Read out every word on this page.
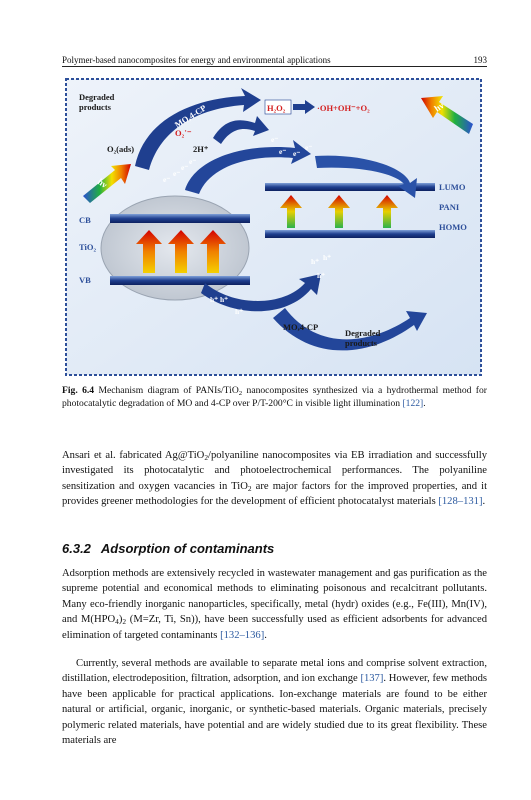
Polymer-based nanocomposites for energy and environmental applications	193
Degraded
products	MO,4-CP	H₂O₂	·OH+OH⁻+O₂
O₂(ads)
O₂˙⁻
2H⁺
hν
hν
CB
TiO₂
VB
LUMO
PANI
HOMO
MO,4-CP
Degraded
products
e⁻
e⁻
e⁻
e⁻
e⁻
e⁻ e⁻
e⁻
h⁺ h⁺
h⁺
h⁺ h⁺
h⁺
Fig. 6.4 Mechanism diagram of PANIs/TiO$_2$ nanocomposites synthesized via a hydrothermal method for photocatalytic degradation of MO and 4-CP over P/T-200°C in visible light illumination [122].
Ansari et al. fabricated Ag@TiO$_2$/polyaniline nanocomposites via EB irradiation and successfully investigated its photocatalytic and photoelectrochemical performances. The polyaniline sensitization and oxygen vacancies in TiO$_2$ are major factors for the improved properties, and it provides greener methodologies for the development of efficient photocatalyst materials [128–131].
6.3.2 Adsorption of contaminants
Adsorption methods are extensively recycled in wastewater management and gas purification as the supreme potential and economical methods to eliminating poisonous and recalcitrant pollutants. Many eco-friendly inorganic nanoparticles, specifically, metal (hydr) oxides (e.g., Fe(III), Mn(IV), and $M(HPO_4)_2$ (M=Zr, Ti, Sn)), have been successfully used as efficient adsorbents for advanced elimination of targeted contaminants [132–136].
Currently, several methods are available to separate metal ions and comprise solvent extraction, distillation, electrodeposition, filtration, adsorption, and ion exchange [137]. However, few methods have been applicable for practical applications. Ion-exchange materials are found to be either natural or artificial, organic, inorganic, or synthetic-based materials. Organic materials, precisely polymeric related materials, have potential and are widely studied due to its great flexibility. These materials are
